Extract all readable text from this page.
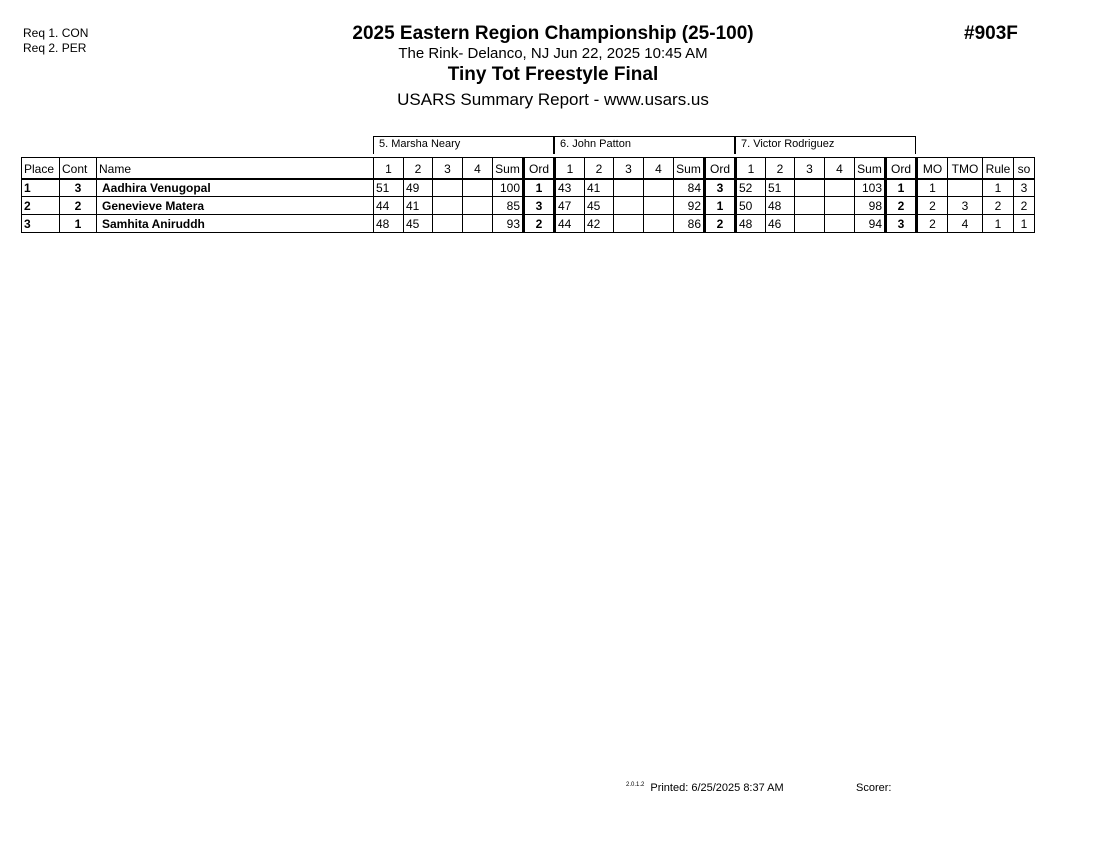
Req 1. CON
Req 2. PER
2025 Eastern Region Championship (25-100)
The Rink- Delanco, NJ Jun 22, 2025 10:45 AM
Tiny Tot Freestyle Final
USARS Summary Report - www.usars.us
#903F
5. Marsha Neary	6. John Patton	7. Victor Rodriguez
Place	Cont	Name	1	2	3	4	Sum	Ord	1	2	3	4	Sum	Ord	1	2	3	4	Sum	Ord	MO	TMO	Rule	so
1	3	Aadhira Venugopal	51	49			100	1	43	41			84	3	52	51			103	1	1		1	3
2	2	Genevieve Matera	44	41			85	3	47	45			92	1	50	48			98	2	2	3	2	2
3	1	Samhita Aniruddh	48	45			93	2	44	42			86	2	48	46			94	3	2	4	1	1
$^{2.0.1.2}$ Printed: 6/25/2025 8:37 AM	Scorer:
